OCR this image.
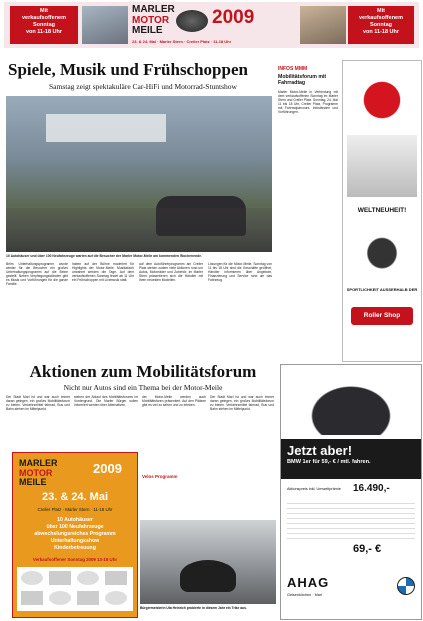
Mit
verkaufsoffenem
Sonntag
von 11-18 Uhr
MARLER
MOTOR
MEILE
2009
23. & 24. Mai · Marler Stern · Creiler Platz · 11-18 Uhr
Mit
verkaufsoffenem
Sonntag
von 11-18 Uhr
Spiele, Musik und Frühschoppen
Samstag zeigt spektakuläre Car-HiFi und Motorrad-Stuntshow
10 Autohäuser und über 100 Neufahrzeuge warten auf die Besucher der Marler Motor-Meile am kommenden Wochenende.

Beim Unterhaltungsprogramm wurde wieder für die Besucher ein großes Unterhaltungsprogramm auf die Beine gestellt. Neben Verpflegungsständen gibt es Musik und Vorführungen für die ganze Familie.

haben auf der Bühne moderiert für Highlights der Motor-Meile. Musikalisch umrahmt werden die Tage. Auf dem verkaufsoffenen Sonntag findet ab 11 Uhr ein Frühschoppen mit Livemusik statt.

auf dem Autoführerprogramm am Creiler Platz stehen zudem viele Aktionen rund um Autos, Motorräder und Zubehör. Im Marler Stern präsentieren sich die Händler mit ihren neuesten Modellen.

Lösungen für die Motor-Meile. Sonntag von 11 bis 18 Uhr sind die Geschäfte geöffnet, Händler informieren über Angebote, Finanzierung und Service rund um das Fahrzeug.

INFOS MMM
Mobilitätsforum mit Fahrradtag

Marler Motor-Meile in Verbindung mit dem verkaufsoffenen Sonntag im Marler Stern und Creiler Platz. Sonntag, 24. Mai 11 bis 18 Uhr, Creiler Platz, Programm mit Fahrradparcours, Infoständen und Vorführungen.

WELTNEUHEIT!
SPORTLICHKEIT AUSSERHALB DER
Roller Shop
Aktionen zum Mobilitätsforum
Nicht nur Autos sind ein Thema bei der Motor-Meile

Der Stadt Marl ist und war auch immer daran gelegen, ein großes Mobilitätsforum zu bieten. Verkehrsmittel fahrrad, Bus und Bahn stehen im Mittelpunkt.

stehen der Ablauf des Mobilitätsforums im Vordergrund. Die Marler Bürger sollen informiert werden über Alternativen.

der Motor-Meile werden auch Mobilitätsforen präsentiert. Auf den Plätzen gibt es viel zu sehen und zu erleben.

Der Stadt Marl ist und war auch immer daran gelegen, ein großes Mobilitätsforum zu bieten. Verkehrsmittel fahrrad, Bus und Bahn stehen im Mittelpunkt.

Velos Programm
Bürgermeisterin Uta Heinrich probierte in diesem Jahr ein Trike aus.
MARLER
MOTOR
MEILE
2009
23. & 24. Mai
Creiler Platz · Marler Stern · 11-18 Uhr
10 Autohäuser
über 100 Neufahrzeuge
abwechslungsreiches Programm
Unterhaltungsshow
Kinderbetreuung
Verkaufsoffener Sonntag 2009 13-18 Uhr
Jetzt aber!
BMW 1er für 59,- € / mtl. fahren.
Aktionspreis inkl. Umweltprämie	16.490,-
69,- €
AHAG
Gelsenkirchen · Marl
